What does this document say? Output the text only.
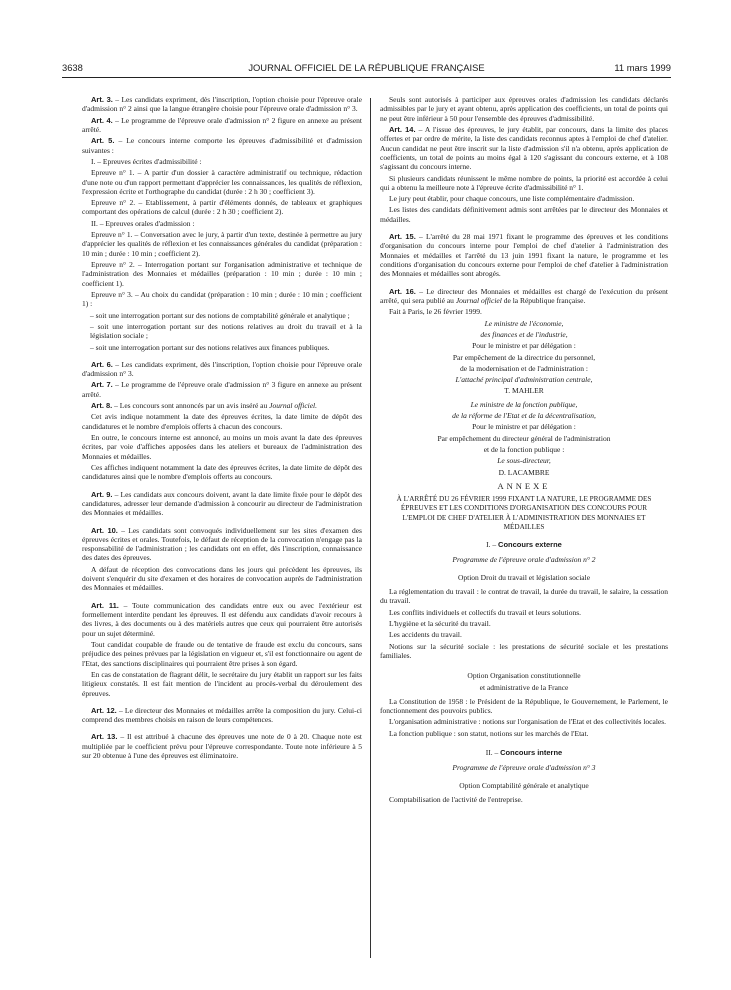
3638	JOURNAL OFFICIEL DE LA RÉPUBLIQUE FRANÇAISE	11 mars 1999

Art. 3. – Les candidats expriment, dès l'inscription, l'option choisie pour l'épreuve orale d'admission n° 2 ainsi que la langue étrangère choisie pour l'épreuve orale d'admission n° 3.

Art. 4. – Le programme de l'épreuve orale d'admission n° 2 figure en annexe au présent arrêté.

Art. 5. – Le concours interne comporte les épreuves d'admissibilité et d'admission suivantes :

I. – Epreuves écrites d'admissibilité :

Epreuve n° 1. – A partir d'un dossier à caractère administratif ou technique, rédaction d'une note ou d'un rapport permettant d'apprécier les connaissances, les qualités de réflexion, l'expression écrite et l'orthographe du candidat (durée : 2 h 30 ; coefficient 3).

Epreuve n° 2. – Etablissement, à partir d'éléments donnés, de tableaux et graphiques comportant des opérations de calcul (durée : 2 h 30 ; coefficient 2).

II. – Epreuves orales d'admission :

Epreuve n° 1. – Conversation avec le jury, à partir d'un texte, destinée à permettre au jury d'apprécier les qualités de réflexion et les connaissances générales du candidat (préparation : 10 min ; durée : 10 min ; coefficient 2).

Epreuve n° 2. – Interrogation portant sur l'organisation administrative et technique de l'administration des Monnaies et médailles (préparation : 10 min ; durée : 10 min ; coefficient 1).

Epreuve n° 3. – Au choix du candidat (préparation : 10 min ; durée : 10 min ; coefficient 1) :

– soit une interrogation portant sur des notions de comptabilité générale et analytique ;

– soit une interrogation portant sur des notions relatives au droit du travail et à la législation sociale ;

– soit une interrogation portant sur des notions relatives aux finances publiques.

Art. 6. – Les candidats expriment, dès l'inscription, l'option choisie pour l'épreuve orale d'admission n° 3.

Art. 7. – Le programme de l'épreuve orale d'admission n° 3 figure en annexe au présent arrêté.

Art. 8. – Les concours sont annoncés par un avis inséré au Journal officiel.

Cet avis indique notamment la date des épreuves écrites, la date limite de dépôt des candidatures et le nombre d'emplois offerts à chacun des concours.

En outre, le concours interne est annoncé, au moins un mois avant la date des épreuves écrites, par voie d'affiches apposées dans les ateliers et bureaux de l'administration des Monnaies et médailles.

Ces affiches indiquent notamment la date des épreuves écrites, la date limite de dépôt des candidatures ainsi que le nombre d'emplois offerts au concours.

Art. 9. – Les candidats aux concours doivent, avant la date limite fixée pour le dépôt des candidatures, adresser leur demande d'admission à concourir au directeur de l'administration des Monnaies et médailles.

Art. 10. – Les candidats sont convoqués individuellement sur les sites d'examen des épreuves écrites et orales. Toutefois, le défaut de réception de la convocation n'engage pas la responsabilité de l'administration ; les candidats ont en effet, dès l'inscription, connaissance des dates des épreuves.

A défaut de réception des convocations dans les jours qui précèdent les épreuves, ils doivent s'enquérir du site d'examen et des horaires de convocation auprès de l'administration des Monnaies et médailles.

Art. 11. – Toute communication des candidats entre eux ou avec l'extérieur est formellement interdite pendant les épreuves. Il est défendu aux candidats d'avoir recours à des livres, à des documents ou à des matériels autres que ceux qui pourraient être autorisés pour un sujet déterminé.

Tout candidat coupable de fraude ou de tentative de fraude est exclu du concours, sans préjudice des peines prévues par la législation en vigueur et, s'il est fonctionnaire ou agent de l'Etat, des sanctions disciplinaires qui pourraient être prises à son égard.

En cas de constatation de flagrant délit, le secrétaire du jury établit un rapport sur les faits litigieux constatés. Il est fait mention de l'incident au procès-verbal du déroulement des épreuves.

Art. 12. – Le directeur des Monnaies et médailles arrête la composition du jury. Celui-ci comprend des membres choisis en raison de leurs compétences.

Art. 13. – Il est attribué à chacune des épreuves une note de 0 à 20. Chaque note est multipliée par le coefficient prévu pour l'épreuve correspondante. Toute note inférieure à 5 sur 20 obtenue à l'une des épreuves est éliminatoire.

Seuls sont autorisés à participer aux épreuves orales d'admission les candidats déclarés admissibles par le jury et ayant obtenu, après application des coefficients, un total de points qui ne peut être inférieur à 50 pour l'ensemble des épreuves d'admissibilité.

Art. 14. – A l'issue des épreuves, le jury établit, par concours, dans la limite des places offertes et par ordre de mérite, la liste des candidats reconnus aptes à l'emploi de chef d'atelier. Aucun candidat ne peut être inscrit sur la liste d'admission s'il n'a obtenu, après application de coefficients, un total de points au moins égal à 120 s'agissant du concours externe, et à 108 s'agissant du concours interne.

Si plusieurs candidats réunissent le même nombre de points, la priorité est accordée à celui qui a obtenu la meilleure note à l'épreuve écrite d'admissibilité n° 1.

Le jury peut établir, pour chaque concours, une liste complémentaire d'admission.

Les listes des candidats définitivement admis sont arrêtées par le directeur des Monnaies et médailles.

Art. 15. – L'arrêté du 28 mai 1971 fixant le programme des épreuves et les conditions d'organisation du concours interne pour l'emploi de chef d'atelier à l'administration des Monnaies et médailles et l'arrêté du 13 juin 1991 fixant la nature, le programme et les conditions d'organisation du concours externe pour l'emploi de chef d'atelier à l'administration des Monnaies et médailles sont abrogés.

Art. 16. – Le directeur des Monnaies et médailles est chargé de l'exécution du présent arrêté, qui sera publié au Journal officiel de la République française.

Fait à Paris, le 26 février 1999.

Le ministre de l'économie,

des finances et de l'industrie,

Pour le ministre et par délégation :

Par empêchement de la directrice du personnel,

de la modernisation et de l'administration :

L'attaché principal d'administration centrale,

T. MAHLER

Le ministre de la fonction publique,

de la réforme de l'Etat et de la décentralisation,

Pour le ministre et par délégation :

Par empêchement du directeur général de l'administration

et de la fonction publique :

Le sous-directeur,

D. LACAMBRE

ANNEXE
À L'ARRÊTÉ DU 26 FÉVRIER 1999 FIXANT LA NATURE, LE PROGRAMME DES ÉPREUVES ET LES CONDITIONS D'ORGANISATION DES CONCOURS POUR L'EMPLOI DE CHEF D'ATELIER À L'ADMINISTRATION DES MONNAIES ET MÉDAILLES
I. – Concours externe

Programme de l'épreuve orale d'admission n° 2

Option Droit du travail et législation sociale

La réglementation du travail : le contrat de travail, la durée du travail, le salaire, la cessation du travail.

Les conflits individuels et collectifs du travail et leurs solutions.

L'hygiène et la sécurité du travail.

Les accidents du travail.

Notions sur la sécurité sociale : les prestations de sécurité sociale et les prestations familiales.

Option Organisation constitutionnelle

et administrative de la France

La Constitution de 1958 : le Président de la République, le Gouvernement, le Parlement, le fonctionnement des pouvoirs publics.

L'organisation administrative : notions sur l'organisation de l'Etat et des collectivités locales.

La fonction publique : son statut, notions sur les marchés de l'Etat.

II. – Concours interne

Programme de l'épreuve orale d'admission n° 3

Option Comptabilité générale et analytique

Comptabilisation de l'activité de l'entreprise.
